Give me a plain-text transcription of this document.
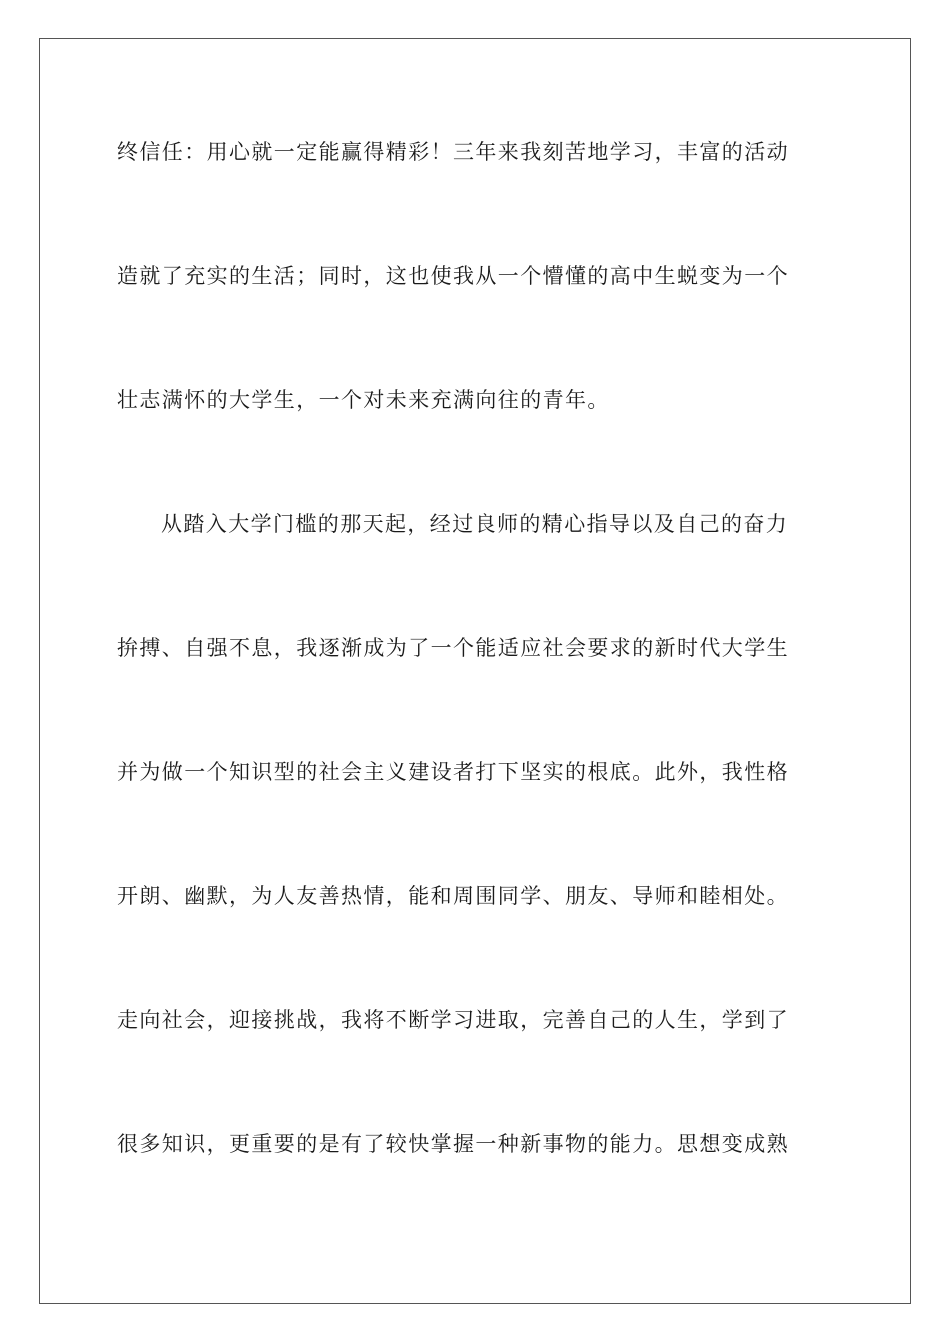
终信任：用心就一定能赢得精彩！三年来我刻苦地学习，丰富的活动
造就了充实的生活；同时，这也使我从一个懵懂的高中生蜕变为一个
壮志满怀的大学生，一个对未来充满向往的青年。
从踏入大学门槛的那天起，经过良师的精心指导以及自己的奋力
拚搏、自强不息，我逐渐成为了一个能适应社会要求的新时代大学生
并为做一个知识型的社会主义建设者打下坚实的根底。此外，我性格
开朗、幽默，为人友善热情，能和周围同学、朋友、导师和睦相处。
走向社会，迎接挑战，我将不断学习进取，完善自己的人生，学到了
很多知识，更重要的是有了较快掌握一种新事物的能力。思想变成熟
